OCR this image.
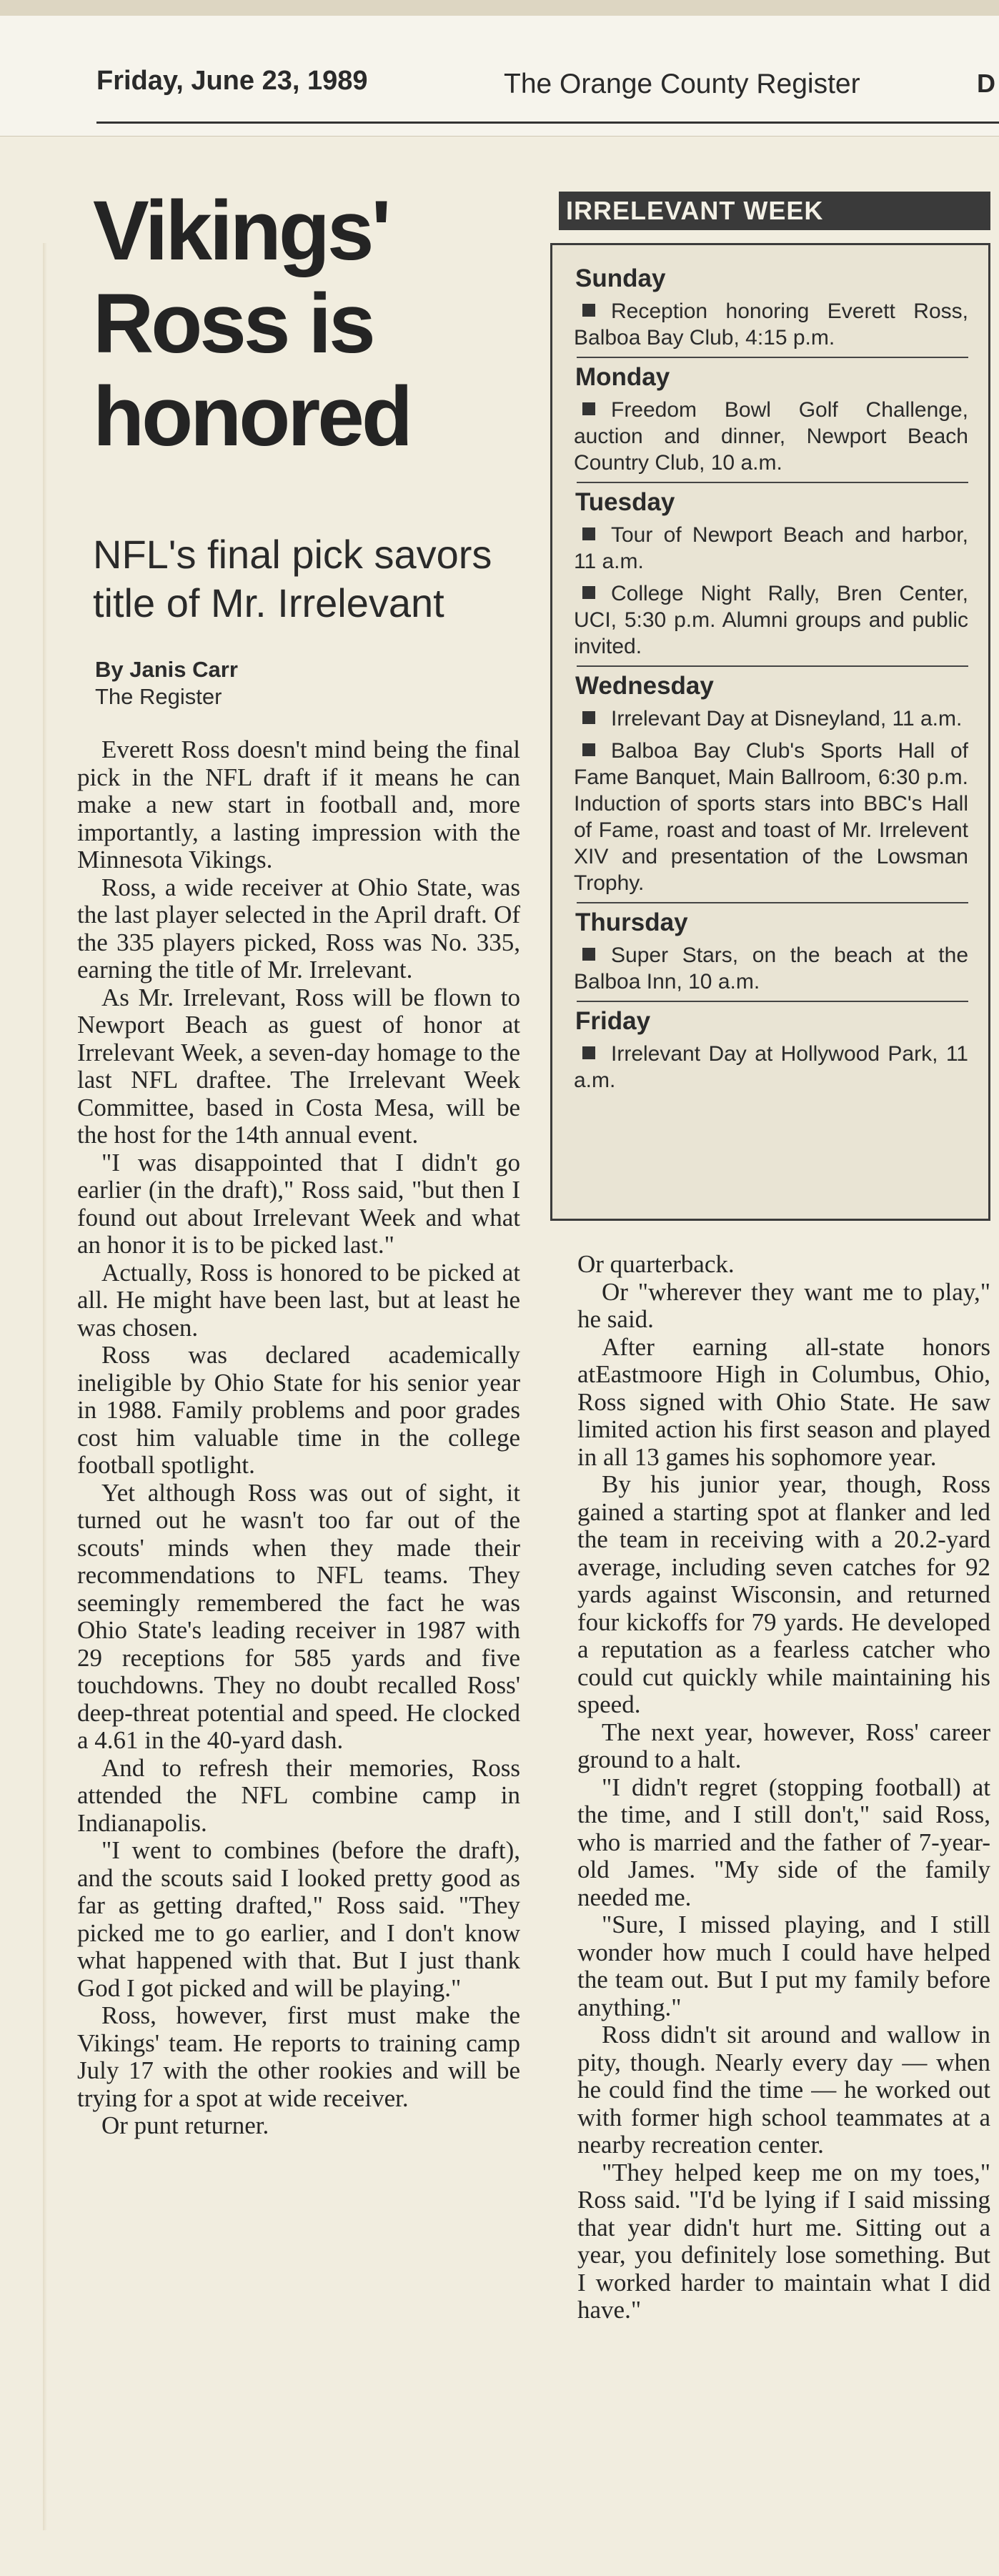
Friday, June 23, 1989	The Orange County Register	D
Vikings'
Ross is
honored
NFL's final pick savors
title of Mr. Irrelevant
By Janis Carr
The Register

Everett Ross doesn't mind being the final pick in the NFL draft if it means he can make a new start in football and, more importantly, a lasting impression with the Minnesota Vikings.

Ross, a wide receiver at Ohio State, was the last player selected in the April draft. Of the 335 players picked, Ross was No. 335, earning the title of Mr. Irrelevant.

As Mr. Irrelevant, Ross will be flown to Newport Beach as guest of honor at Irrelevant Week, a seven-day homage to the last NFL draftee. The Irrelevant Week Committee, based in Costa Mesa, will be the host for the 14th annual event.

"I was disappointed that I didn't go earlier (in the draft)," Ross said, "but then I found out about Irrelevant Week and what an honor it is to be picked last."

Actually, Ross is honored to be picked at all. He might have been last, but at least he was chosen.

Ross was declared academically ineligible by Ohio State for his senior year in 1988. Family problems and poor grades cost him valuable time in the college football spotlight.

Yet although Ross was out of sight, it turned out he wasn't too far out of the scouts' minds when they made their recommendations to NFL teams. They seemingly remembered the fact he was Ohio State's leading receiver in 1987 with 29 receptions for 585 yards and five touchdowns. They no doubt recalled Ross' deep-threat potential and speed. He clocked a 4.61 in the 40-yard dash.

And to refresh their memories, Ross attended the NFL combine camp in Indianapolis.

"I went to combines (before the draft), and the scouts said I looked pretty good as far as getting drafted," Ross said. "They picked me to go earlier, and I don't know what happened with that. But I just thank God I got picked and will be playing."

Ross, however, first must make the Vikings' team. He reports to training camp July 17 with the other rookies and will be trying for a spot at wide receiver.

Or punt returner.

IRRELEVANT WEEK
Sunday
Reception honoring Everett Ross, Balboa Bay Club, 4:15 p.m.
Monday
Freedom Bowl Golf Challenge, auction and dinner, Newport Beach Country Club, 10 a.m.
Tuesday
Tour of Newport Beach and harbor, 11 a.m.
College Night Rally, Bren Center, UCI, 5:30 p.m. Alumni groups and public invited.
Wednesday
Irrelevant Day at Disneyland, 11 a.m.
Balboa Bay Club's Sports Hall of Fame Banquet, Main Ballroom, 6:30 p.m. Induction of sports stars into BBC's Hall of Fame, roast and toast of Mr. Irrelevent XIV and presentation of the Lowsman Trophy.
Thursday
Super Stars, on the beach at the Balboa Inn, 10 a.m.
Friday
Irrelevant Day at Hollywood Park, 11 a.m.

Or quarterback.

Or "wherever they want me to play," he said.

After earning all-state honors atEastmoore High in Columbus, Ohio, Ross signed with Ohio State. He saw limited action his first season and played in all 13 games his sophomore year.

By his junior year, though, Ross gained a starting spot at flanker and led the team in receiving with a 20.2-yard average, including seven catches for 92 yards against Wisconsin, and returned four kickoffs for 79 yards. He developed a reputation as a fearless catcher who could cut quickly while maintaining his speed.

The next year, however, Ross' career ground to a halt.

"I didn't regret (stopping football) at the time, and I still don't," said Ross, who is married and the father of 7-year-old James. "My side of the family needed me.

"Sure, I missed playing, and I still wonder how much I could have helped the team out. But I put my family before anything."

Ross didn't sit around and wallow in pity, though. Nearly every day — when he could find the time — he worked out with former high school teammates at a nearby recreation center.

"They helped keep me on my toes," Ross said. "I'd be lying if I said missing that year didn't hurt me. Sitting out a year, you definitely lose something. But I worked harder to maintain what I did have."
